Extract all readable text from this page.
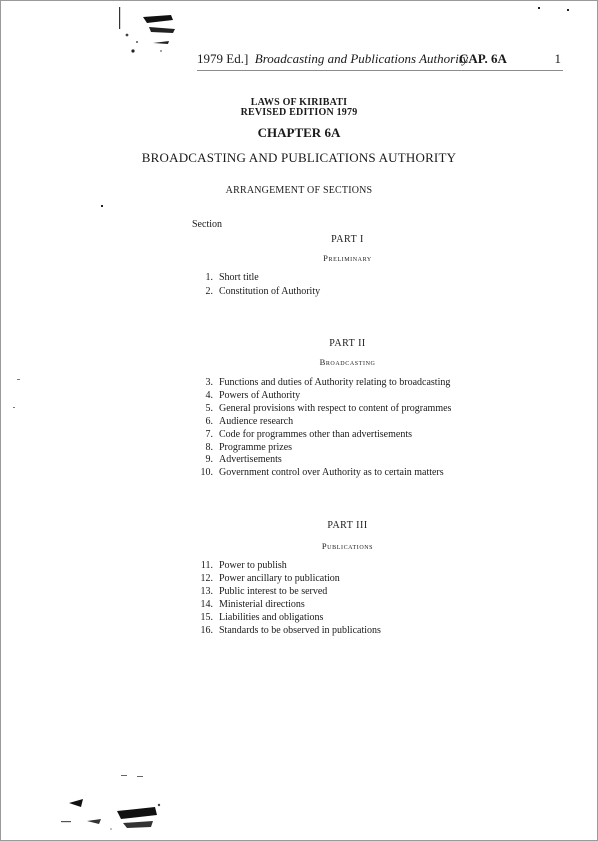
1979 Ed.] Broadcasting and Publications Authority
CAP. 6A	1
LAWS OF KIRIBATI
REVISED EDITION 1979
CHAPTER 6A
BROADCASTING AND PUBLICATIONS AUTHORITY
ARRANGEMENT OF SECTIONS
Section
PART I
Preliminary
PART II
Broadcasting
PART III
Publications
1. Short title
2. Constitution of Authority
3. Functions and duties of Authority relating to broadcasting
4. Powers of Authority
5. General provisions with respect to content of programmes
6. Audience research
7. Code for programmes other than advertisements
8. Programme prizes
9. Advertisements
10. Government control over Authority as to certain matters
11. Power to publish
12. Power ancillary to publication
13. Public interest to be served
14. Ministerial directions
15. Liabilities and obligations
16. Standards to be observed in publications
